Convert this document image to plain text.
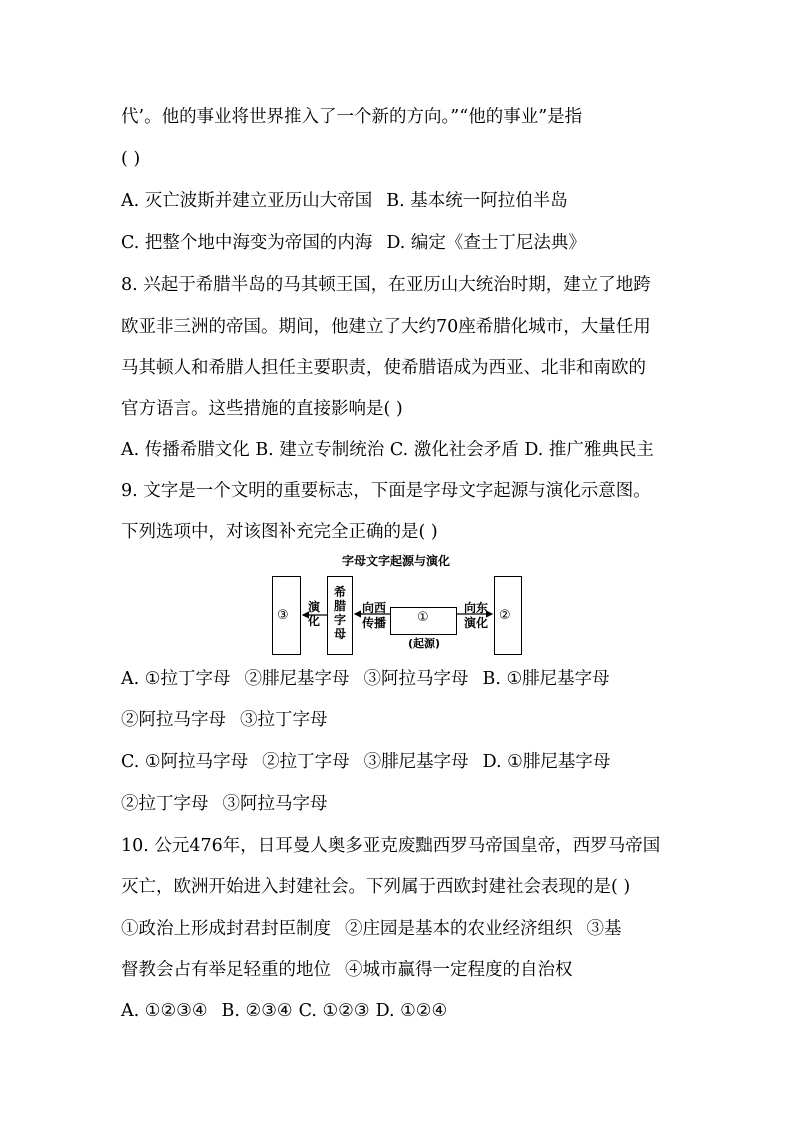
代’。他的事业将世界推入了一个新的方向。”“他的事业”是指
( )
A. 灭亡波斯并建立亚历山大帝国 B. 基本统一阿拉伯半岛
C. 把整个地中海变为帝国的内海 D. 编定《查士丁尼法典》
8. 兴起于希腊半岛的马其顿王国，在亚历山大统治时期，建立了地跨
欧亚非三洲的帝国。期间，他建立了大约70座希腊化城市，大量任用
马其顿人和希腊人担任主要职责，使希腊语成为西亚、北非和南欧的
官方语言。这些措施的直接影响是( )
A. 传播希腊文化 B. 建立专制统治 C. 激化社会矛盾 D. 推广雅典民主
9. 文字是一个文明的重要标志，下面是字母文字起源与演化示意图。
下列选项中，对该图补充完全正确的是( )
字母文字起源与演化
③
演
化
希
腊
字
母
向西
传播	①
(起源)
向东
演化 ②
A. ①拉丁字母 ②腓尼基字母 ③阿拉马字母 B. ①腓尼基字母
②阿拉马字母 ③拉丁字母
C. ①阿拉马字母 ②拉丁字母 ③腓尼基字母 D. ①腓尼基字母
②拉丁字母 ③阿拉马字母
10. 公元476年，日耳曼人奥多亚克废黜西罗马帝国皇帝，西罗马帝国
灭亡，欧洲开始进入封建社会。下列属于西欧封建社会表现的是( )
①政治上形成封君封臣制度 ②庄园是基本的农业经济组织 ③基
督教会占有举足轻重的地位 ④城市赢得一定程度的自治权
A. ①②③④ B. ②③④ C. ①②③ D. ①②④
